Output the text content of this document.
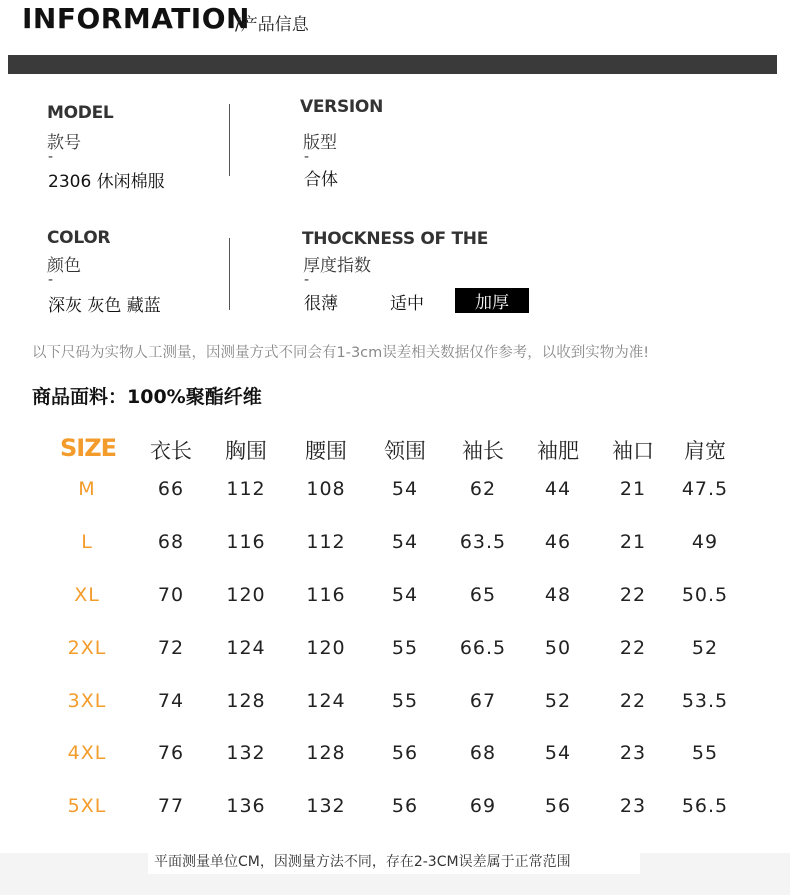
INFORMATION
/产品信息
MODEL
款号
-
2306 休闲棉服
VERSION
版型
-
合体
COLOR
颜色
-
深灰 灰色 藏蓝
THOCKNESS OF THE
厚度指数
-
很薄	适中	加厚
以下尺码为实物人工测量，因测量方式不同会有1-3cm误差相关数据仅作参考，以收到实物为准!
商品面料：100%聚酯纤维
SIZE	衣长	胸围	腰围	领围	袖长	袖肥	袖口	肩宽
M	66	112	108	54	62	44	21	47.5
L	68	116	112	54	63.5	46	21	49
XL	70	120	116	54	65	48	22	50.5
2XL	72	124	120	55	66.5	50	22	52
3XL	74	128	124	55	67	52	22	53.5
4XL	76	132	128	56	68	54	23	55
5XL	77	136	132	56	69	56	23	56.5
平面测量单位CM，因测量方法不同，存在2-3CM误差属于正常范围
